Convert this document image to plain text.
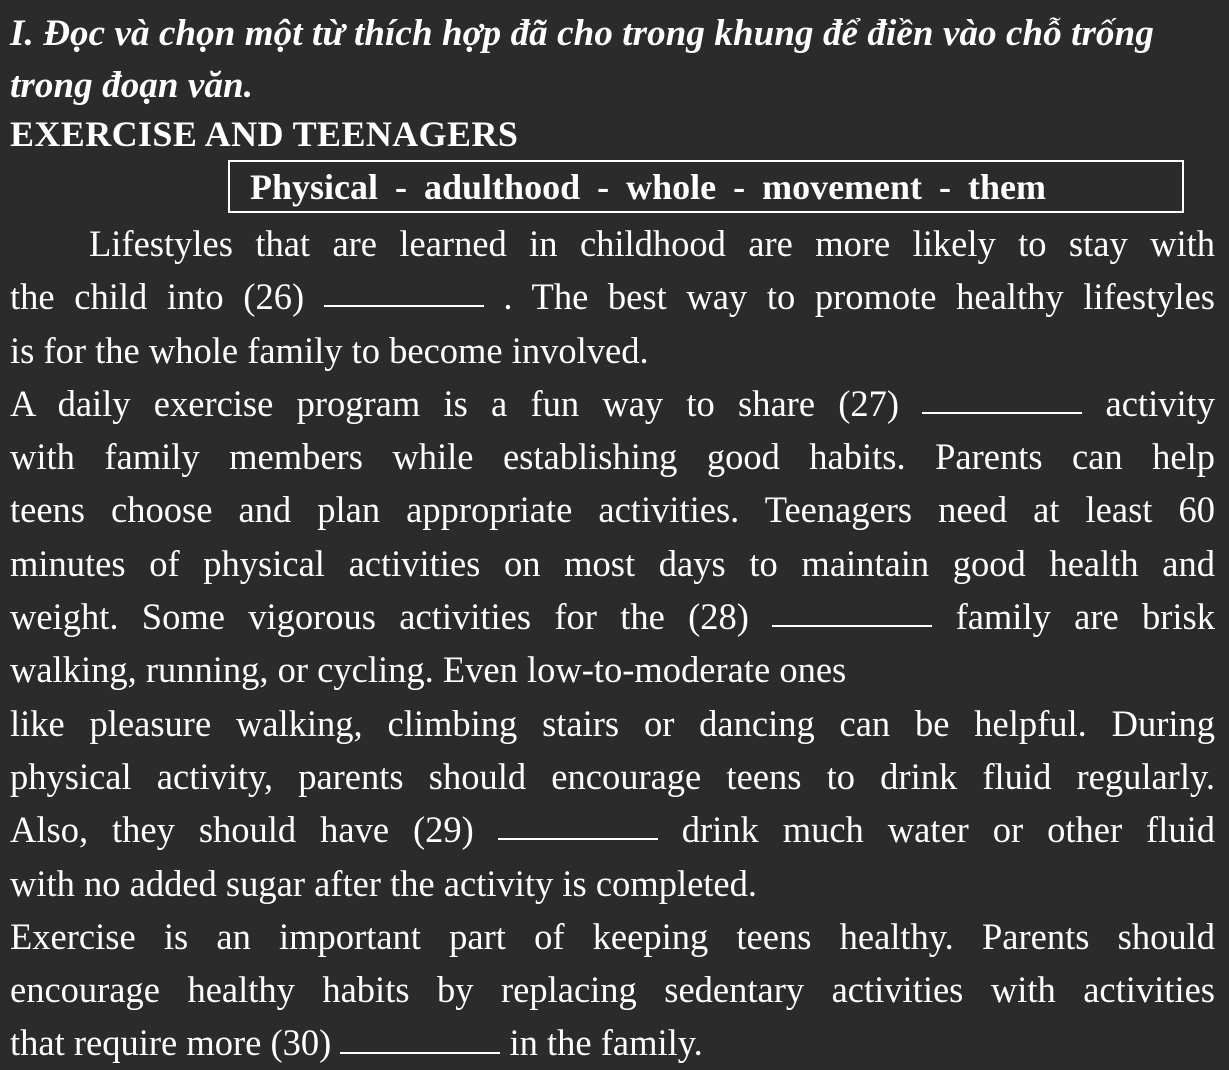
I. Đọc và chọn một từ thích hợp đã cho trong khung để điền vào chỗ trống trong đoạn văn.
EXERCISE AND TEENAGERS
Physical - adulthood - whole - movement - them
Lifestyles that are learned in childhood are more likely to stay with
the child into (26)	. The best way to promote healthy lifestyles
is for the whole family to become involved.
A daily exercise program is a fun way to share (27)	activity
with family members while establishing good habits. Parents can help
teens choose and plan appropriate activities. Teenagers need at least 60
minutes of physical activities on most days to maintain good health and
weight. Some vigorous activities for the (28)	family are brisk
walking, running, or cycling. Even low-to-moderate ones
like pleasure walking, climbing stairs or dancing can be helpful. During
physical activity, parents should encourage teens to drink fluid regularly.
Also, they should have (29)	drink much water or other fluid
with no added sugar after the activity is completed.
Exercise is an important part of keeping teens healthy. Parents should
encourage healthy habits by replacing sedentary activities with activities
that require more (30)	in the family.
